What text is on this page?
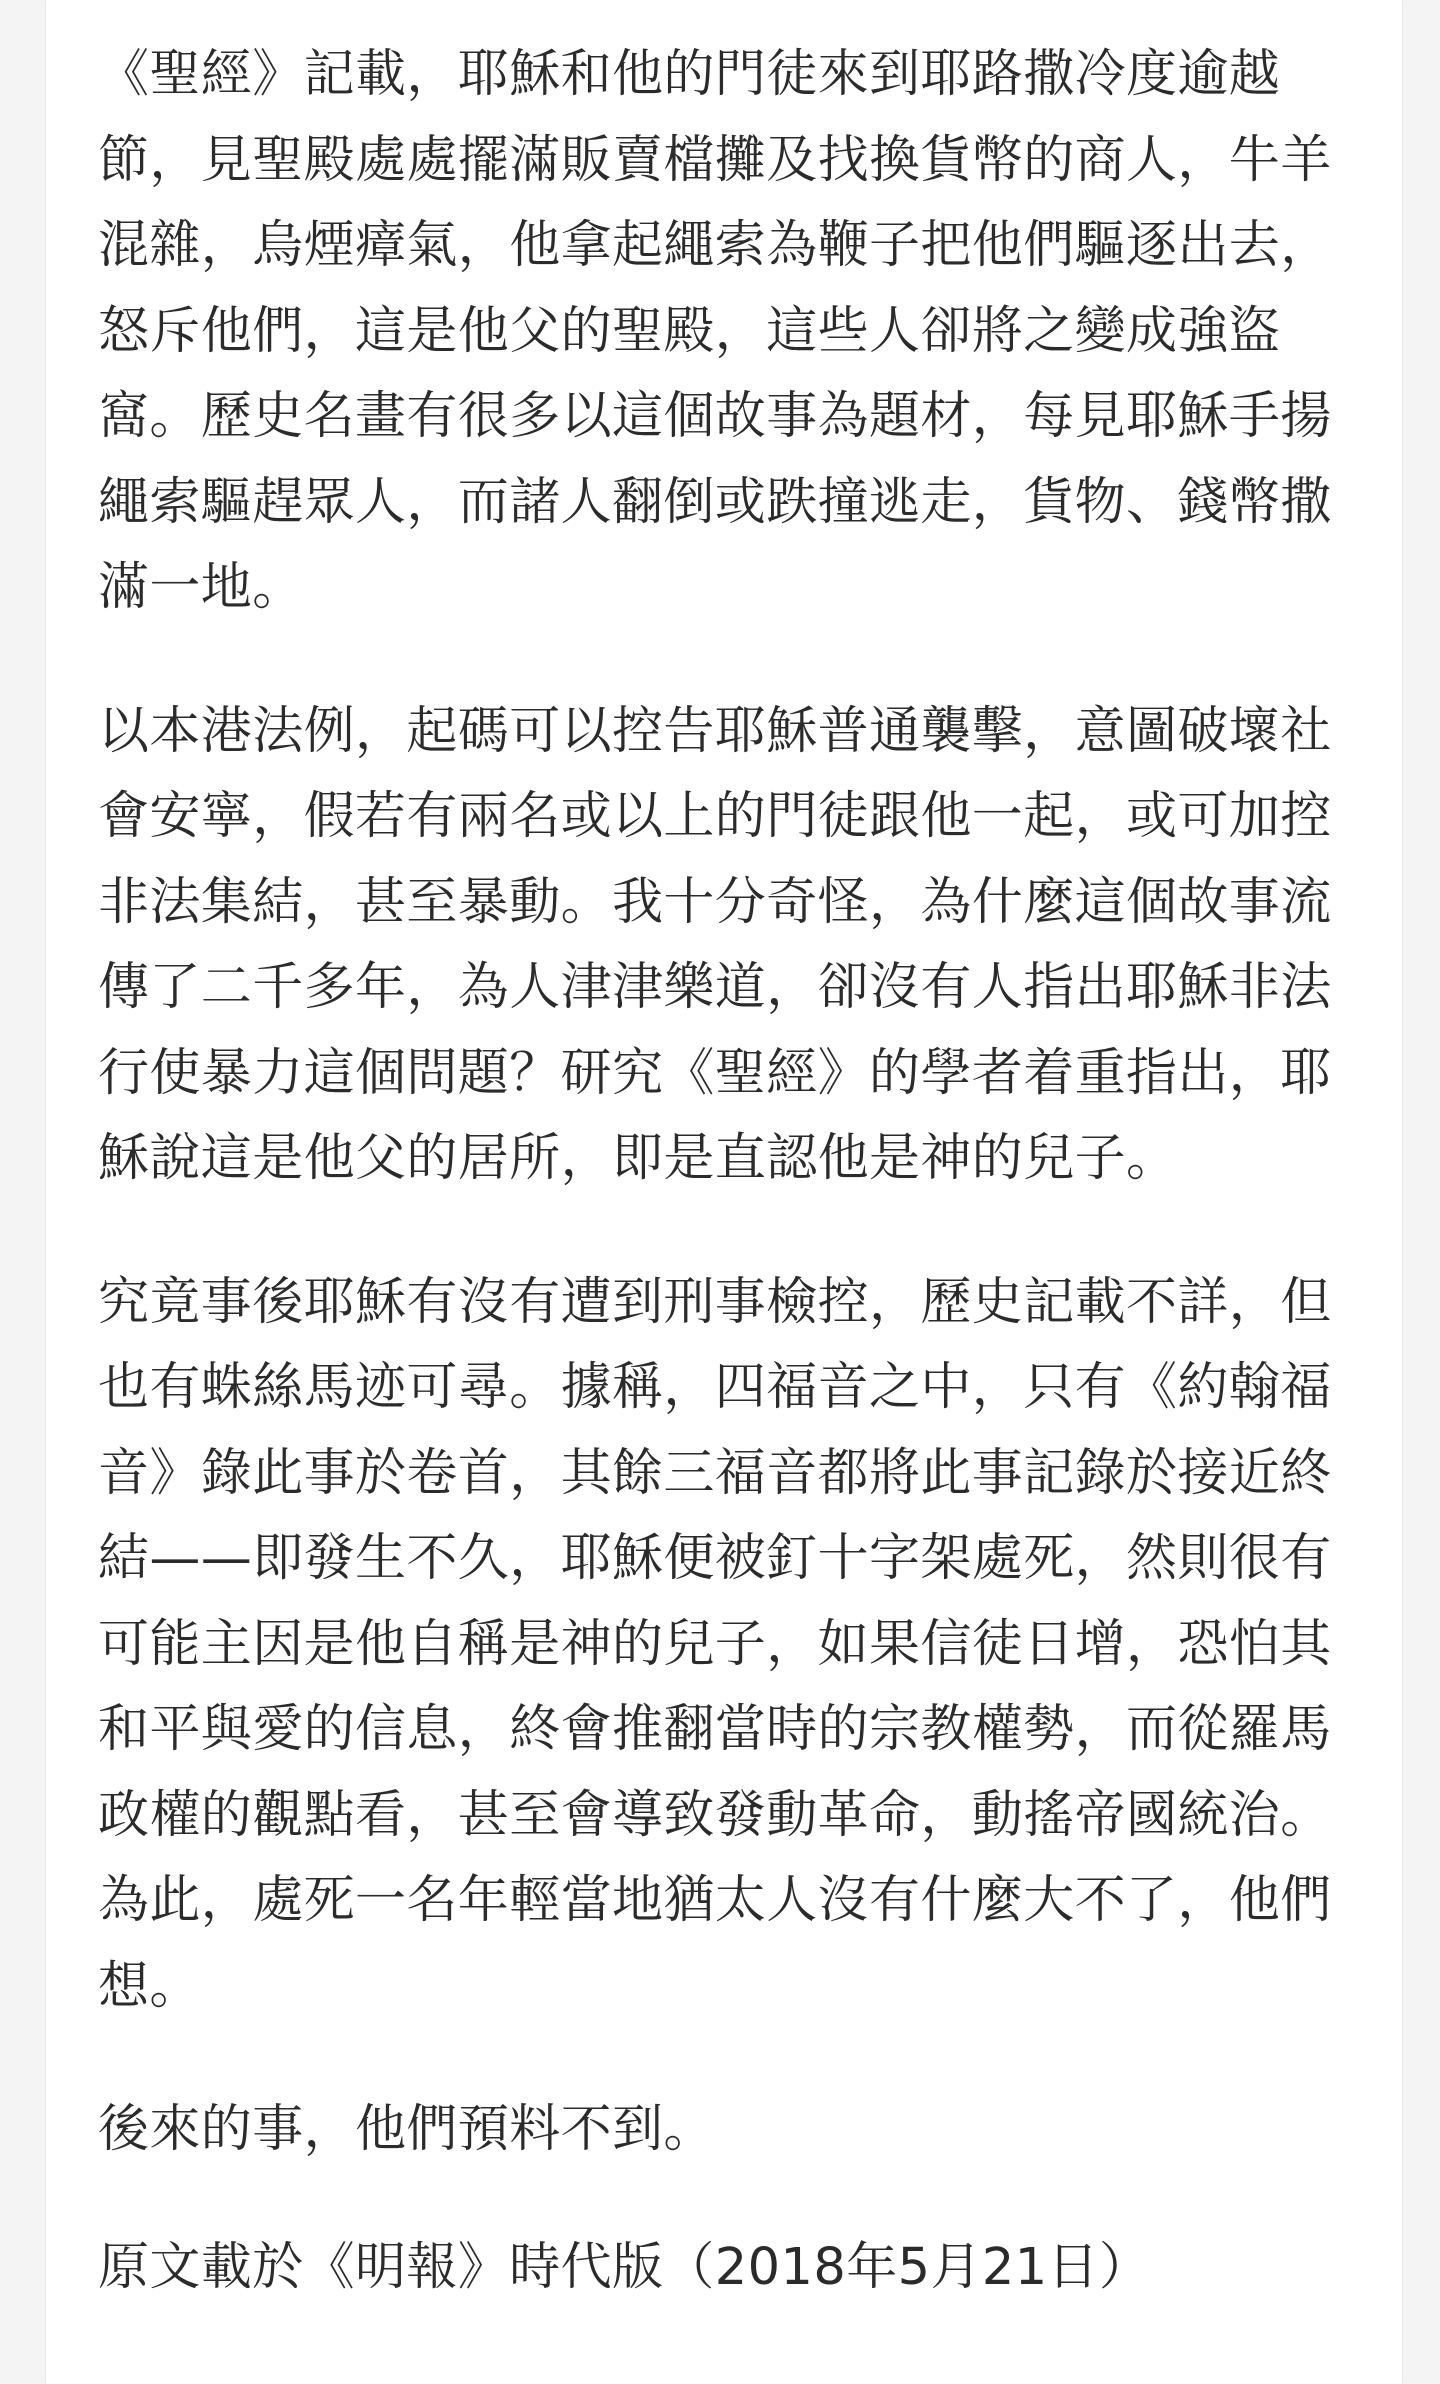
《聖經》記載，耶穌和他的門徒來到耶路撒冷度逾越節，見聖殿處處擺滿販賣檔攤及找換貨幣的商人，牛羊混雜，烏煙瘴氣，他拿起繩索為鞭子把他們驅逐出去，怒斥他們，這是他父的聖殿，這些人卻將之變成強盜窩。歷史名畫有很多以這個故事為題材，每見耶穌手揚繩索驅趕眾人，而諸人翻倒或跌撞逃走，貨物、錢幣撒滿一地。

以本港法例，起碼可以控告耶穌普通襲擊，意圖破壞社會安寧，假若有兩名或以上的門徒跟他一起，或可加控非法集結，甚至暴動。我十分奇怪，為什麼這個故事流傳了二千多年，為人津津樂道，卻沒有人指出耶穌非法行使暴力這個問題？研究《聖經》的學者着重指出，耶穌說這是他父的居所，即是直認他是神的兒子。

究竟事後耶穌有沒有遭到刑事檢控，歷史記載不詳，但也有蛛絲馬迹可尋。據稱，四福音之中，只有《約翰福音》錄此事於卷首，其餘三福音都將此事記錄於接近終結——即發生不久，耶穌便被釘十字架處死，然則很有可能主因是他自稱是神的兒子，如果信徒日增，恐怕其和平與愛的信息，終會推翻當時的宗教權勢，而從羅馬政權的觀點看，甚至會導致發動革命，動搖帝國統治。為此，處死一名年輕當地猶太人沒有什麼大不了，他們想。

後來的事，他們預料不到。

原文載於《明報》時代版（2018年5月21日）
